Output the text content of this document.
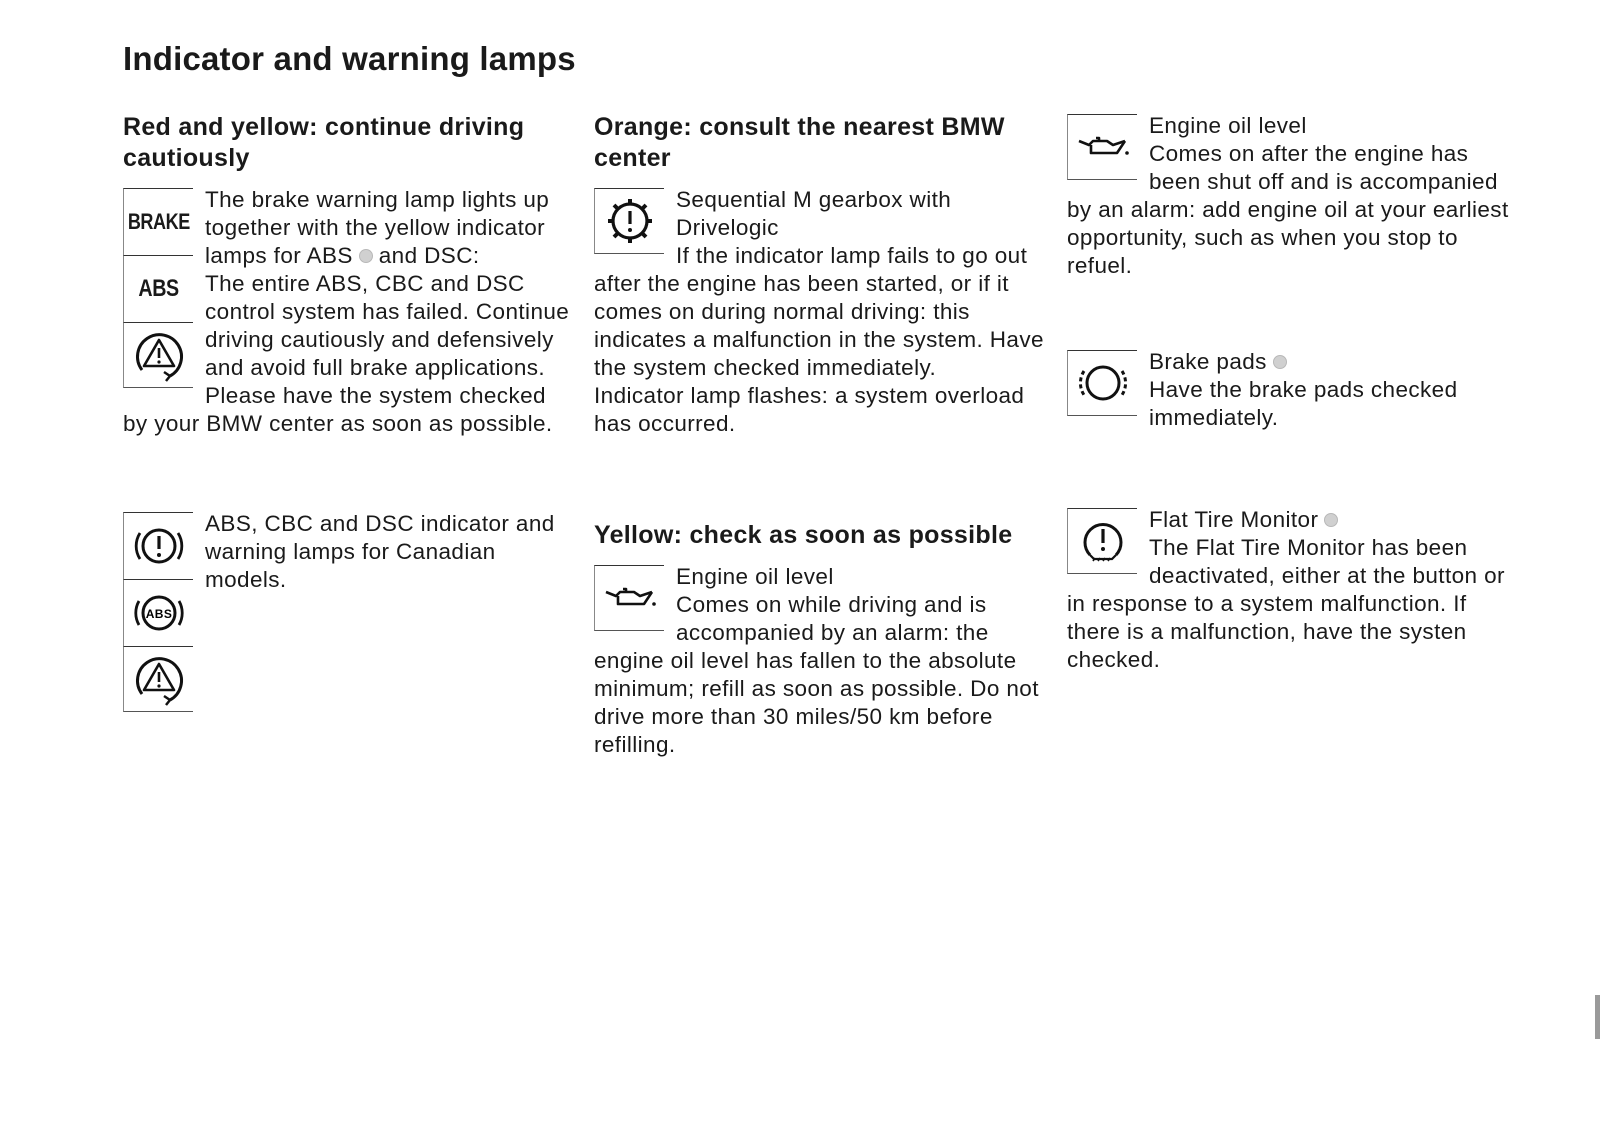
Indicator and warning lamps
Red and yellow: continue driving cautiously
BRAKE
ABS

The brake warning lamp lights up together with the yellow indicator lamps for ABS and DSC:

The entire ABS, CBC and DSC control system has failed. Continue driving cautiously and defensively and avoid full brake applications. Please have the system checked by your BMW center as soon as possible.

ABS

ABS, CBC and DSC indicator and warning lamps for Canadian models.

Orange: consult the nearest BMW center

Sequential M gearbox with Drivelogic

If the indicator lamp fails to go out after the engine has been started, or if it comes on during normal driving: this indicates a malfunction in the system. Have the system checked immediately.

Indicator lamp flashes: a system overload has occurred.

Yellow: check as soon as possible

Engine oil level

Comes on while driving and is accompanied by an alarm: the engine oil level has fallen to the absolute minimum; refill as soon as possible. Do not drive more than 30 miles/50 km before refilling.

Engine oil level

Comes on after the engine has been shut off and is accompanied by an alarm: add engine oil at your earliest opportunity, such as when you stop to refuel.

Brake pads

Have the brake pads checked immediately.

Flat Tire Monitor

The Flat Tire Monitor has been deactivated, either at the button or in response to a system malfunction. If there is a malfunction, have the systen checked.
